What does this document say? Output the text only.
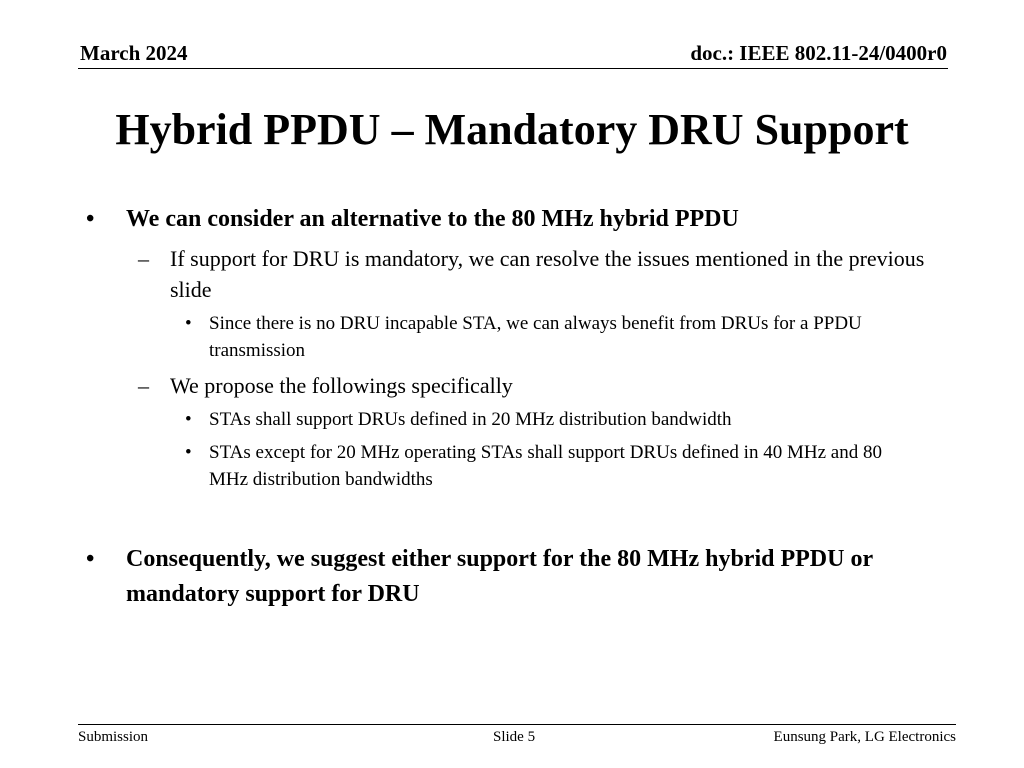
March 2024	doc.: IEEE 802.11-24/0400r0
Hybrid PPDU – Mandatory DRU Support
• We can consider an alternative to the 80 MHz hybrid PPDU
– If support for DRU is mandatory, we can resolve the issues mentioned in the previous slide
• Since there is no DRU incapable STA, we can always benefit from DRUs for a PPDU transmission
– We propose the followings specifically
• STAs shall support DRUs defined in 20 MHz distribution bandwidth
• STAs except for 20 MHz operating STAs shall support DRUs defined in 40 MHz and 80 MHz distribution bandwidths
• Consequently, we suggest either support for the 80 MHz hybrid PPDU or mandatory support for DRU
Submission	Slide 5	Eunsung Park, LG Electronics
